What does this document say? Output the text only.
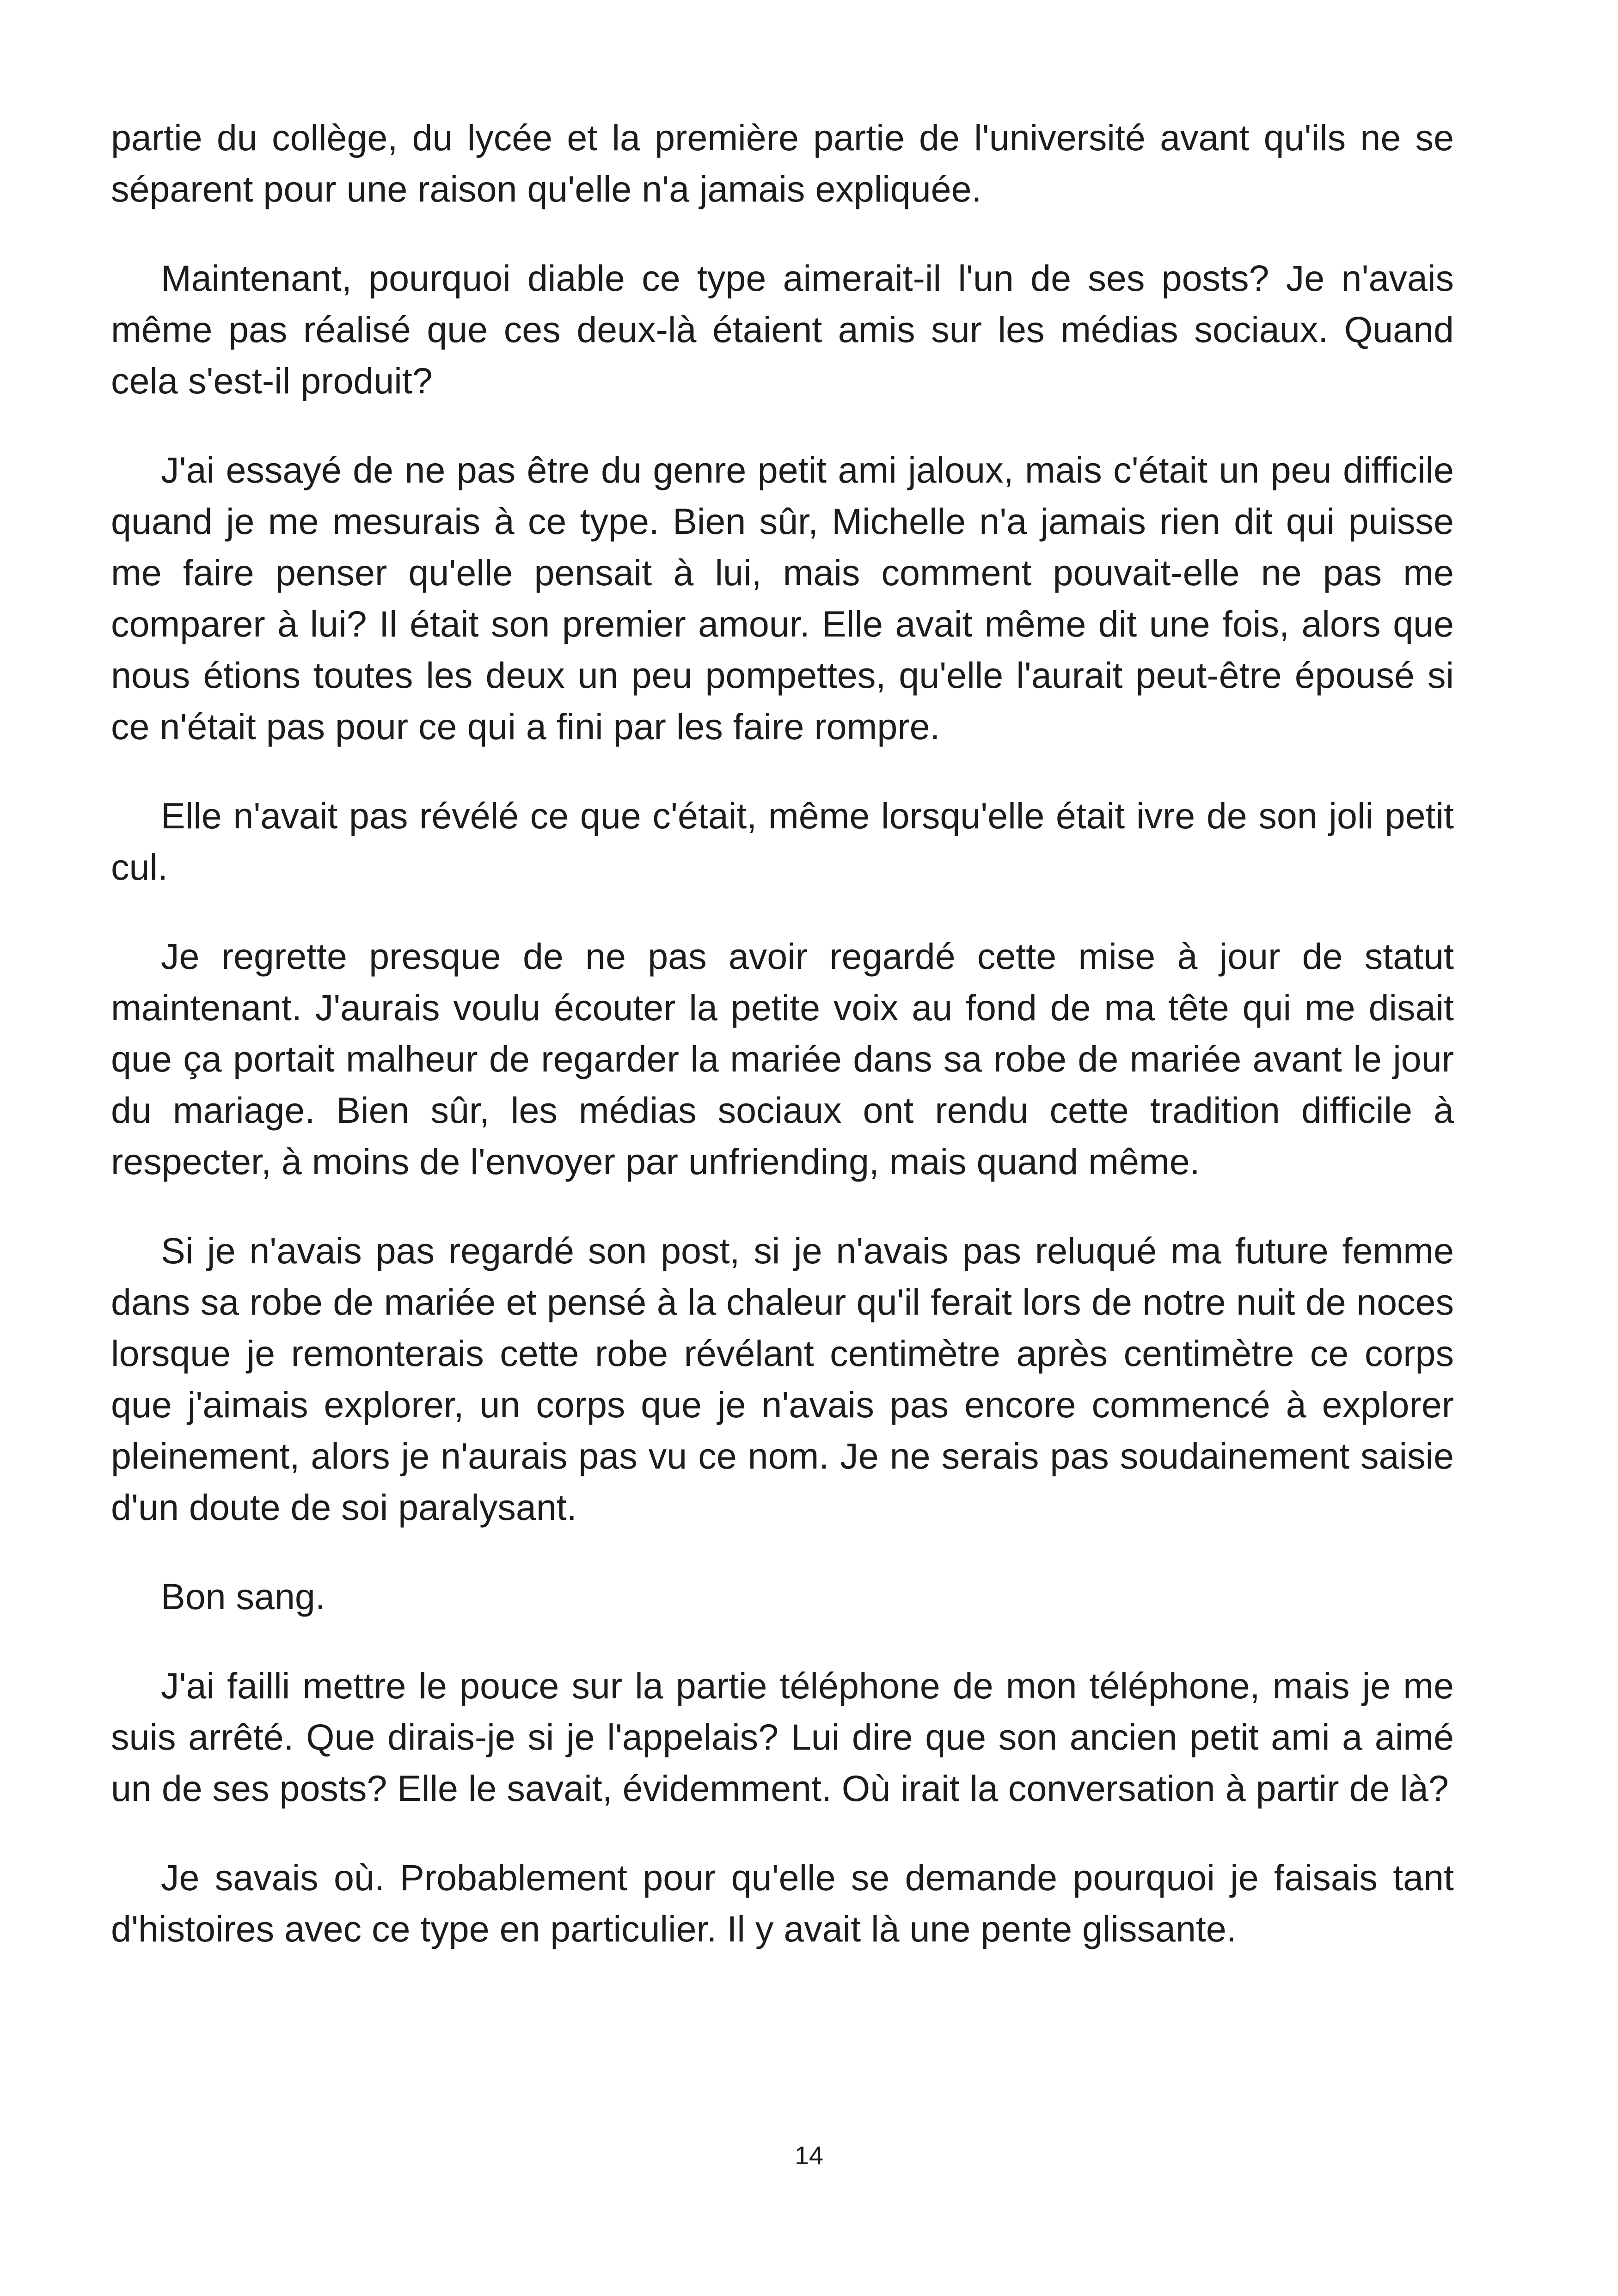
partie du collège, du lycée et la première partie de l'université avant qu'ils ne se séparent pour une raison qu'elle n'a jamais expliquée.

Maintenant, pourquoi diable ce type aimerait-il l'un de ses posts? Je n'avais même pas réalisé que ces deux-là étaient amis sur les médias sociaux. Quand cela s'est-il produit?

J'ai essayé de ne pas être du genre petit ami jaloux, mais c'était un peu difficile quand je me mesurais à ce type. Bien sûr, Michelle n'a jamais rien dit qui puisse me faire penser qu'elle pensait à lui, mais comment pouvait-elle ne pas me comparer à lui? Il était son premier amour. Elle avait même dit une fois, alors que nous étions toutes les deux un peu pompettes, qu'elle l'aurait peut-être épousé si ce n'était pas pour ce qui a fini par les faire rompre.

Elle n'avait pas révélé ce que c'était, même lorsqu'elle était ivre de son joli petit cul.

Je regrette presque de ne pas avoir regardé cette mise à jour de statut maintenant. J'aurais voulu écouter la petite voix au fond de ma tête qui me disait que ça portait malheur de regarder la mariée dans sa robe de mariée avant le jour du mariage. Bien sûr, les médias sociaux ont rendu cette tradition difficile à respecter, à moins de l'envoyer par unfriending, mais quand même.

Si je n'avais pas regardé son post, si je n'avais pas reluqué ma future femme dans sa robe de mariée et pensé à la chaleur qu'il ferait lors de notre nuit de noces lorsque je remonterais cette robe révélant centimètre après centimètre ce corps que j'aimais explorer, un corps que je n'avais pas encore commencé à explorer pleinement, alors je n'aurais pas vu ce nom. Je ne serais pas soudainement saisie d'un doute de soi paralysant.

Bon sang.

J'ai failli mettre le pouce sur la partie téléphone de mon téléphone, mais je me suis arrêté. Que dirais-je si je l'appelais? Lui dire que son ancien petit ami a aimé un de ses posts? Elle le savait, évidemment. Où irait la conversation à partir de là?

Je savais où. Probablement pour qu'elle se demande pourquoi je faisais tant d'histoires avec ce type en particulier. Il y avait là une pente glissante.

14
